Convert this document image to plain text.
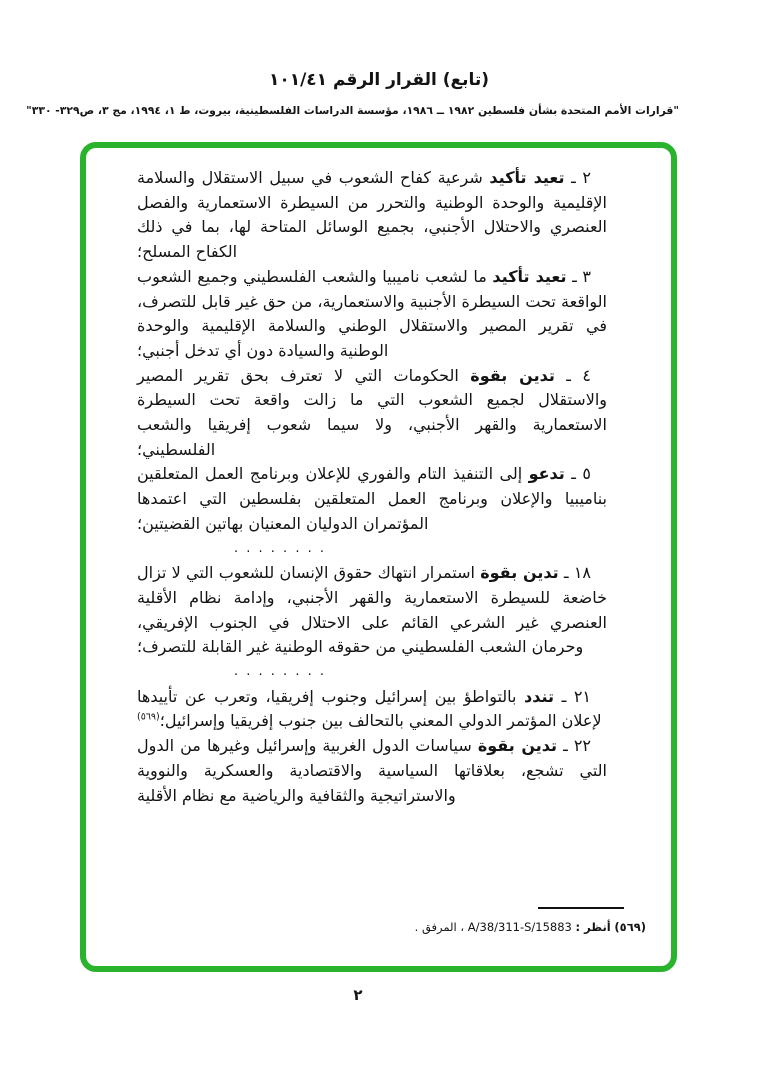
(تابع) القرار الرقم ١٠١/٤١
"قرارات الأمم المتحدة بشأن فلسطين ١٩٨٢ ــ ١٩٨٦، مؤسسة الدراسات الفلسطينية، بيروت، ط ١، ١٩٩٤، مج ٣، ص٣٢٩- ٣٣٠"

٢ ـ تعيد تأكيد شرعية كفاح الشعوب في سبيل الاستقلال والسلامة الإقليمية والوحدة الوطنية والتحرر من السيطرة الاستعمارية والفصل العنصري والاحتلال الأجنبي، بجميع الوسائل المتاحة لها، بما في ذلك الكفاح المسلح؛

٣ ـ تعيد تأكيد ما لشعب ناميبيا والشعب الفلسطيني وجميع الشعوب الواقعة تحت السيطرة الأجنبية والاستعمارية، من حق غير قابل للتصرف، في تقرير المصير والاستقلال الوطني والسلامة الإقليمية والوحدة الوطنية والسيادة دون أي تدخل أجنبي؛

٤ ـ تدين بقوة الحكومات التي لا تعترف بحق تقرير المصير والاستقلال لجميع الشعوب التي ما زالت واقعة تحت السيطرة الاستعمارية والقهر الأجنبي، ولا سيما شعوب إفريقيا والشعب الفلسطيني؛

٥ ـ تدعو إلى التنفيذ التام والفوري للإعلان وبرنامج العمل المتعلقين بناميبيا والإعلان وبرنامج العمل المتعلقين بفلسطين التي اعتمدها المؤتمران الدوليان المعنيان بهاتين القضيتين؛

. . . . . . . .

١٨ ـ تدين بقوة استمرار انتهاك حقوق الإنسان للشعوب التي لا تزال خاضعة للسيطرة الاستعمارية والقهر الأجنبي، وإدامة نظام الأقلية العنصري غير الشرعي القائم على الاحتلال في الجنوب الإفريقي، وحرمان الشعب الفلسطيني من حقوقه الوطنية غير القابلة للتصرف؛

. . . . . . . .

٢١ ـ تندد بالتواطؤ بين إسرائيل وجنوب إفريقيا، وتعرب عن تأييدها لإعلان المؤتمر الدولي المعني بالتحالف بين جنوب إفريقيا وإسرائيل؛$^{(٥٦٩)}$

٢٢ ـ تدين بقوة سياسات الدول الغربية وإسرائيل وغيرها من الدول التي تشجع، بعلاقاتها السياسية والاقتصادية والعسكرية والنووية والاستراتيجية والثقافية والرياضية مع نظام الأقلية

(٥٦٩) أنظر : A/38/311-S/15883 ، المرفق .
٢
